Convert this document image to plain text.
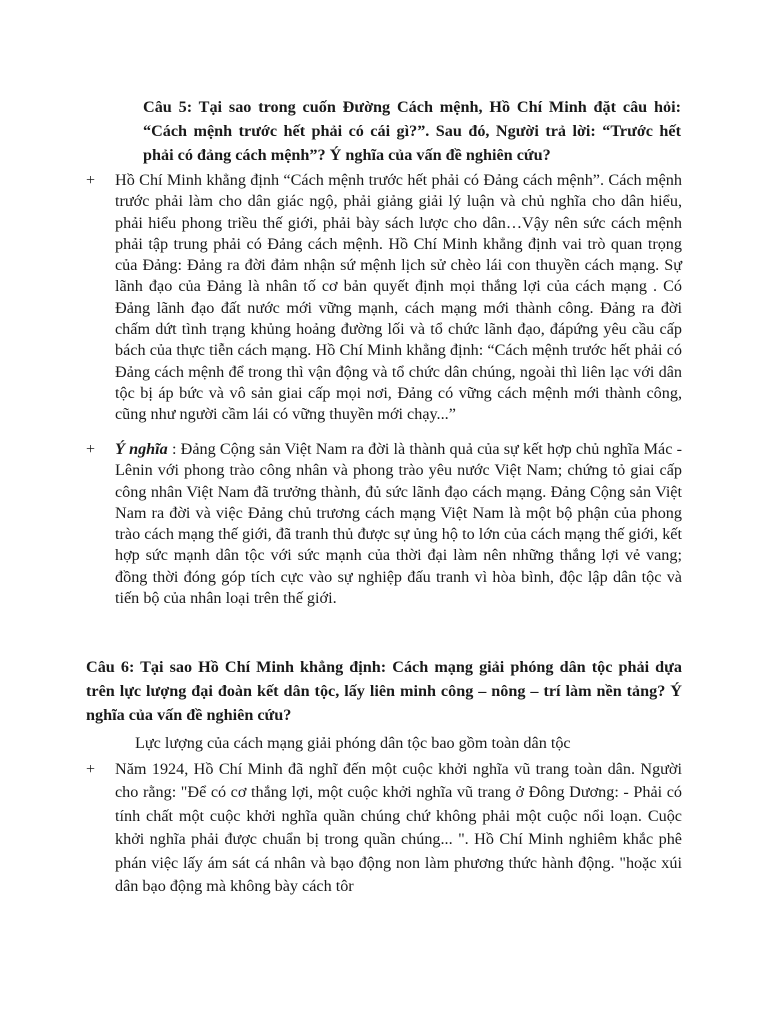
Câu 5: Tại sao trong cuốn Đường Cách mệnh, Hồ Chí Minh đặt câu hỏi: “Cách mệnh trước hết phải có cái gì?”. Sau đó, Người trả lời: “Trước hết phải có đảng cách mệnh”? Ý nghĩa của vấn đề nghiên cứu?

+ Hồ Chí Minh khẳng định “Cách mệnh trước hết phải có Đảng cách mệnh”. Cách mệnh trước phải làm cho dân giác ngộ, phải giảng giải lý luận và chủ nghĩa cho dân hiểu, phải hiểu phong triều thế giới, phải bày sách lược cho dân…Vậy nên sức cách mệnh phải tập trung phải có Đảng cách mệnh. Hồ Chí Minh khẳng định vai trò quan trọng của Đảng: Đảng ra đời đảm nhận sứ mệnh lịch sử chèo lái con thuyền cách mạng. Sự lãnh đạo của Đảng là nhân tố cơ bản quyết định mọi thắng lợi của cách mạng . Có Đảng lãnh đạo đất nước mới vững mạnh, cách mạng mới thành công. Đảng ra đời chấm dứt tình trạng khủng hoảng đường lối và tổ chức lãnh đạo, đápứng yêu cầu cấp bách của thực tiễn cách mạng. Hồ Chí Minh khẳng định: “Cách mệnh trước hết phải có Đảng cách mệnh để trong thì vận động và tổ chức dân chúng, ngoài thì liên lạc với dân tộc bị áp bức và vô sản giai cấp mọi nơi, Đảng có vững cách mệnh mới thành công, cũng như người cầm lái có vững thuyền mới chạy...”

+ Ý nghĩa : Đảng Cộng sản Việt Nam ra đời là thành quả của sự kết hợp chủ nghĩa Mác - Lênin với phong trào công nhân và phong trào yêu nước Việt Nam; chứng tỏ giai cấp công nhân Việt Nam đã trưởng thành, đủ sức lãnh đạo cách mạng. Đảng Cộng sản Việt Nam ra đời và việc Đảng chủ trương cách mạng Việt Nam là một bộ phận của phong trào cách mạng thế giới, đã tranh thủ được sự ủng hộ to lớn của cách mạng thế giới, kết hợp sức mạnh dân tộc với sức mạnh của thời đại làm nên những thắng lợi vẻ vang; đồng thời đóng góp tích cực vào sự nghiệp đấu tranh vì hòa bình, độc lập dân tộc và tiến bộ của nhân loại trên thế giới.

Câu 6: Tại sao Hồ Chí Minh khẳng định: Cách mạng giải phóng dân tộc phải dựa trên lực lượng đại đoàn kết dân tộc, lấy liên minh công – nông – trí làm nền tảng? Ý nghĩa của vấn đề nghiên cứu?

Lực lượng của cách mạng giải phóng dân tộc bao gồm toàn dân tộc

+ Năm 1924, Hồ Chí Minh đã nghĩ đến một cuộc khởi nghĩa vũ trang toàn dân. Người cho rằng: "Để có cơ thắng lợi, một cuộc khởi nghĩa vũ trang ở Đông Dương: - Phải có tính chất một cuộc khởi nghĩa quần chúng chứ không phải một cuộc nổi loạn. Cuộc khởi nghĩa phải được chuẩn bị trong quần chúng... ". Hồ Chí Minh nghiêm khắc phê phán việc lấy ám sát cá nhân và bạo động non làm phương thức hành động. "hoặc xúi dân bạo động mà không bày cách tôr
